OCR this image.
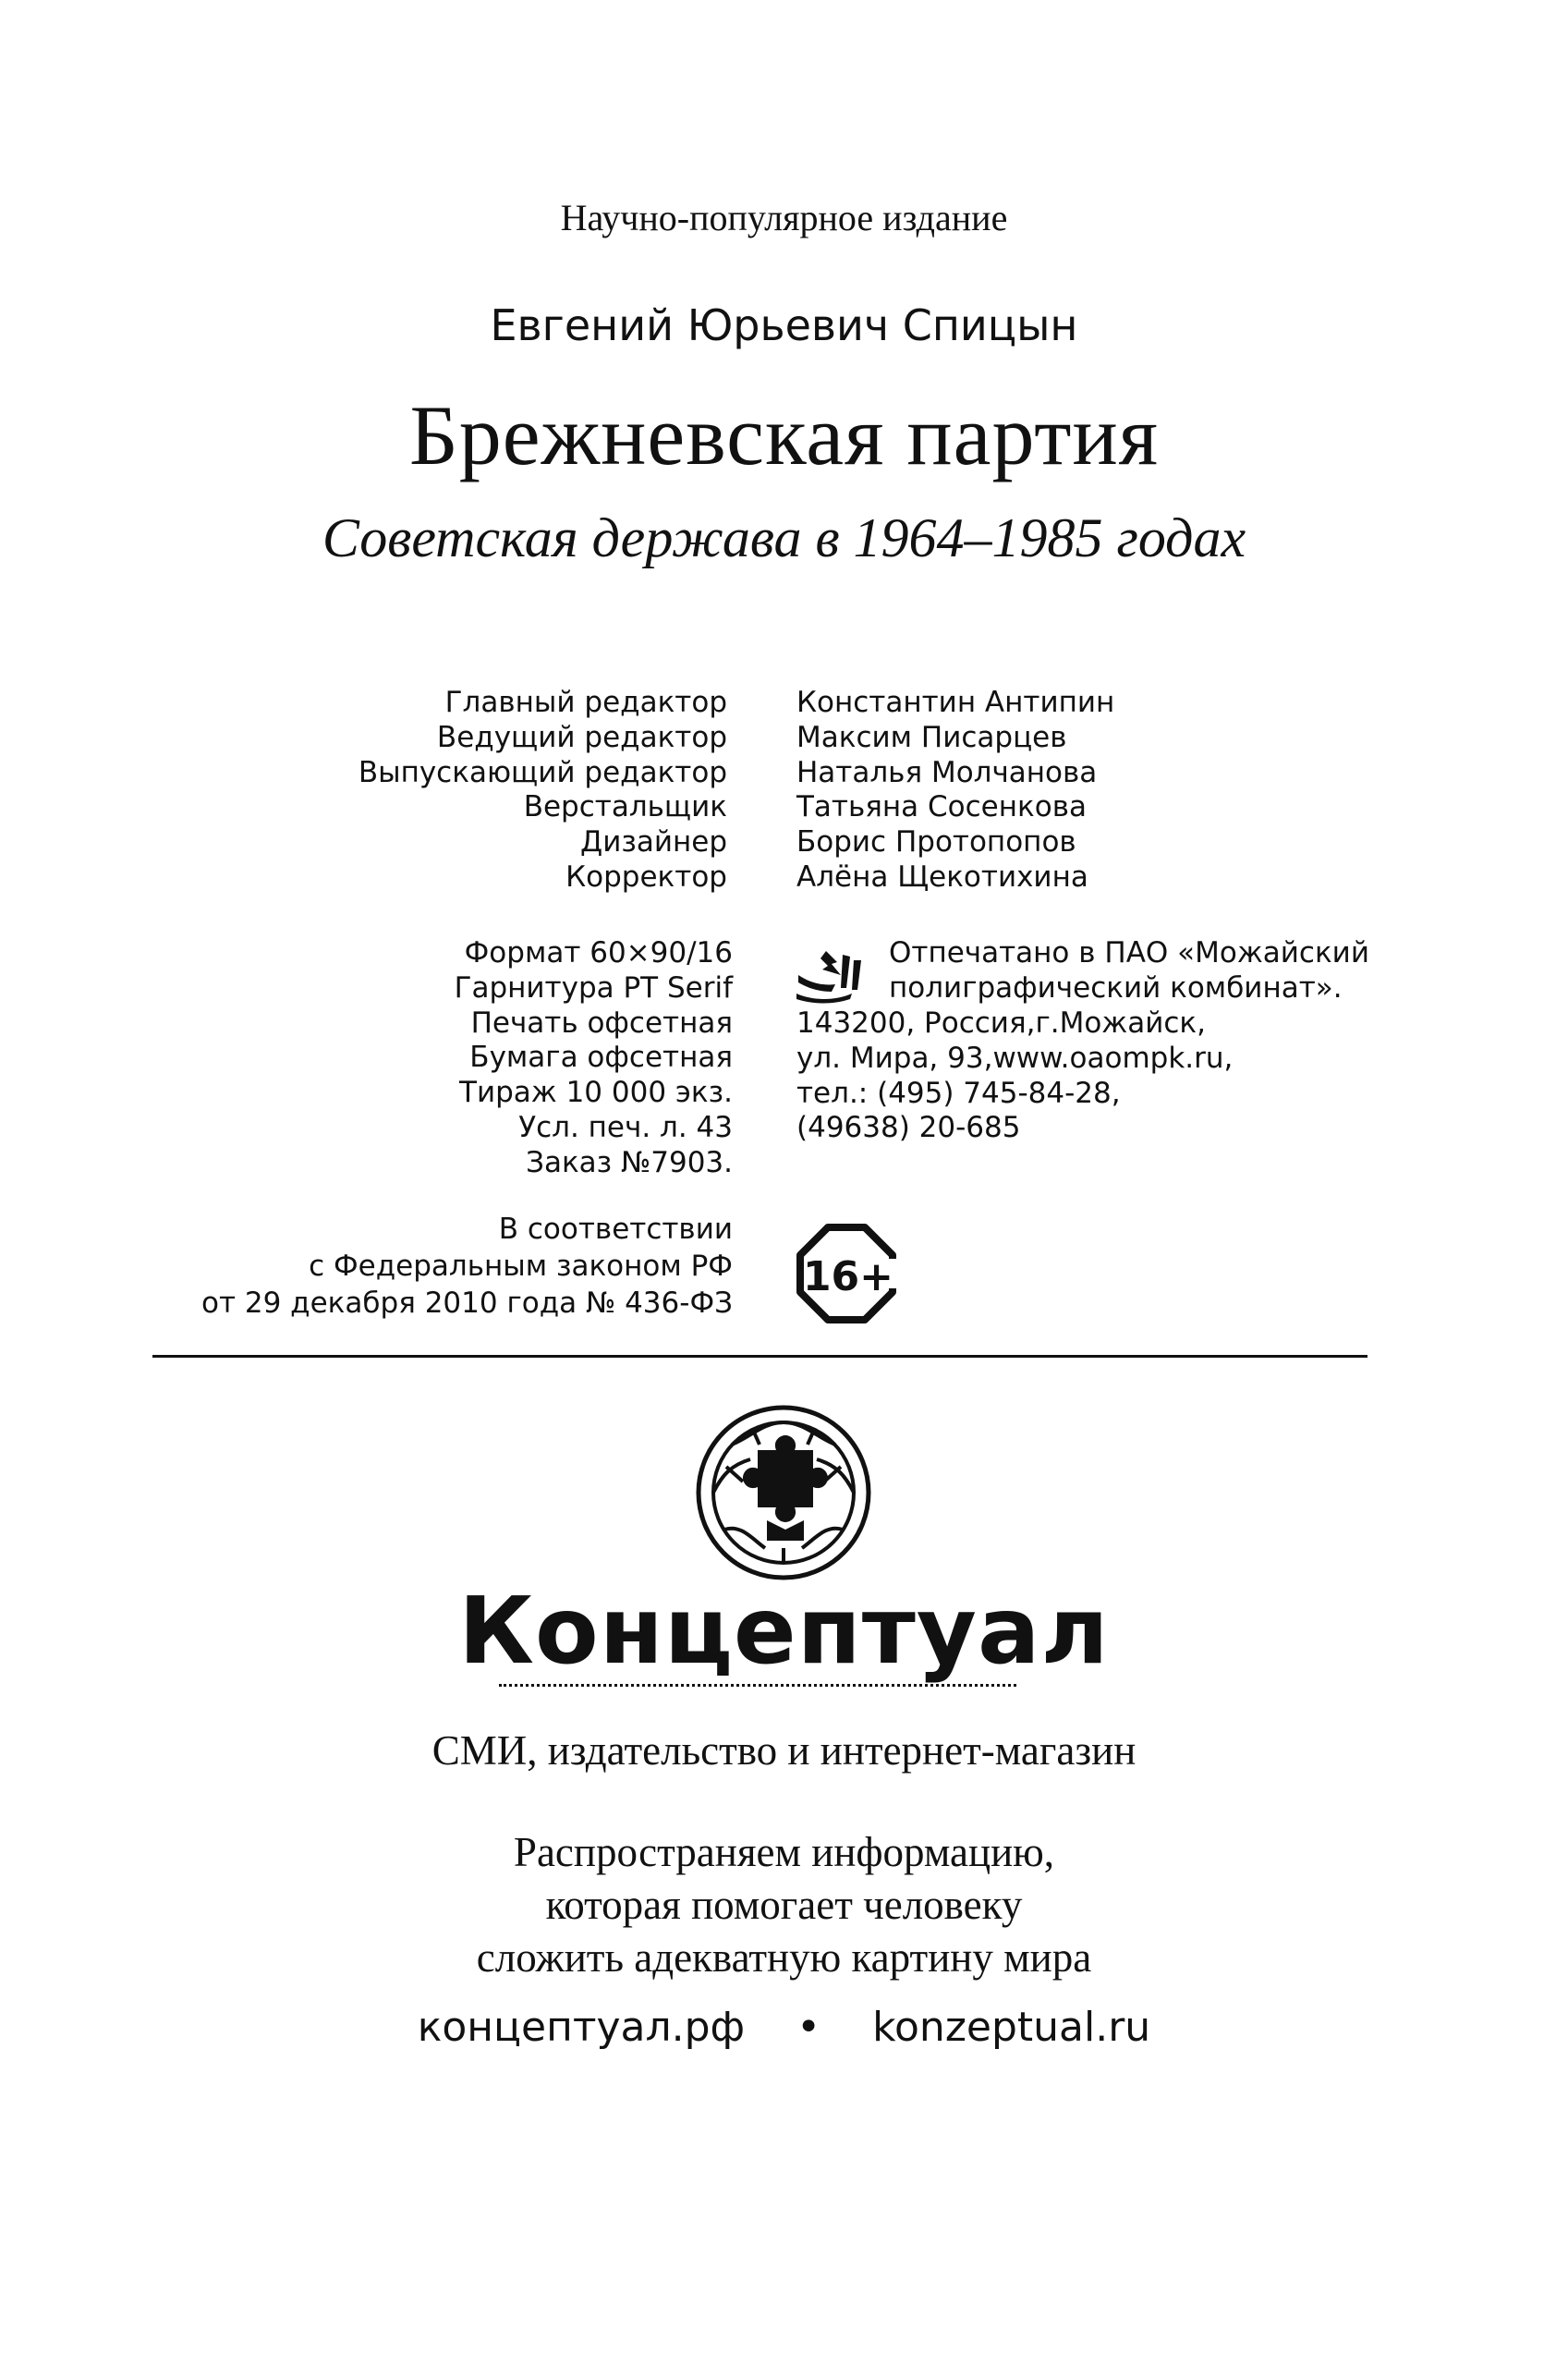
Научно-популярное издание
Евгений Юрьевич Спицын
Брежневская партия
Советская держава в 1964–1985 годах
Главный редактор
Ведущий редактор
Выпускающий редактор
Верстальщик
Дизайнер
Корректор
Константин Антипин
Максим Писарцев
Наталья Молчанова
Татьяна Сосенкова
Борис Протопопов
Алёна Щекотихина
Формат 60×90/16
Гарнитура PT Serif
Печать офсетная
Бумага офсетная
Тираж 10 000 экз.
Усл. печ. л. 43
Заказ №7903.
Отпечатано в ПАО «Можайский
полиграфический комбинат».
143200, Россия,г.Можайск,
ул. Мира, 93,www.oaompk.ru,
тел.: (495) 745-84-28,
(49638) 20-685
В соответствии
с Федеральным законом РФ
от 29 декабря 2010 года № 436-ФЗ
16+
Концептуал
СМИ, издательство и интернет-магазин
Распространяем информацию,
которая помогает человеку
сложить адекватную картину мира
концептуал.рф • konzeptual.ru
